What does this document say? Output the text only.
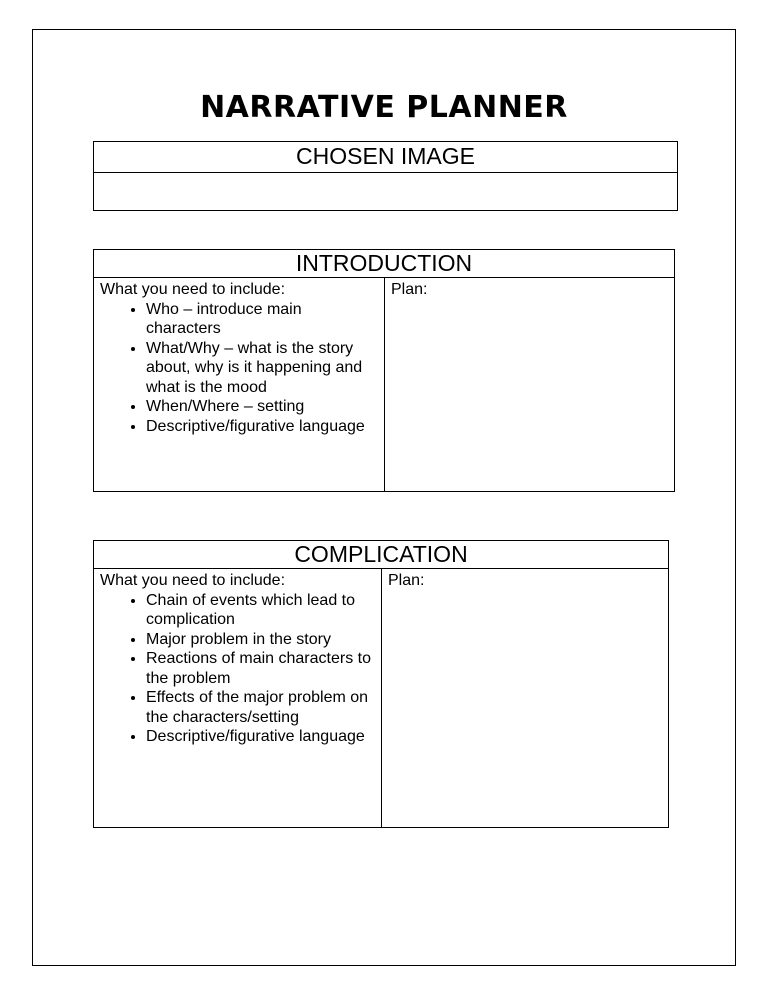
NARRATIVE PLANNER
CHOSEN IMAGE
INTRODUCTION
What you need to include:
• Who – introduce main characters
• What/Why – what is the story about, why is it happening and what is the mood
• When/Where – setting
• Descriptive/figurative language
Plan:
COMPLICATION
What you need to include:
• Chain of events which lead to complication
• Major problem in the story
• Reactions of main characters to the problem
• Effects of the major problem on the characters/setting
• Descriptive/figurative language
Plan:
